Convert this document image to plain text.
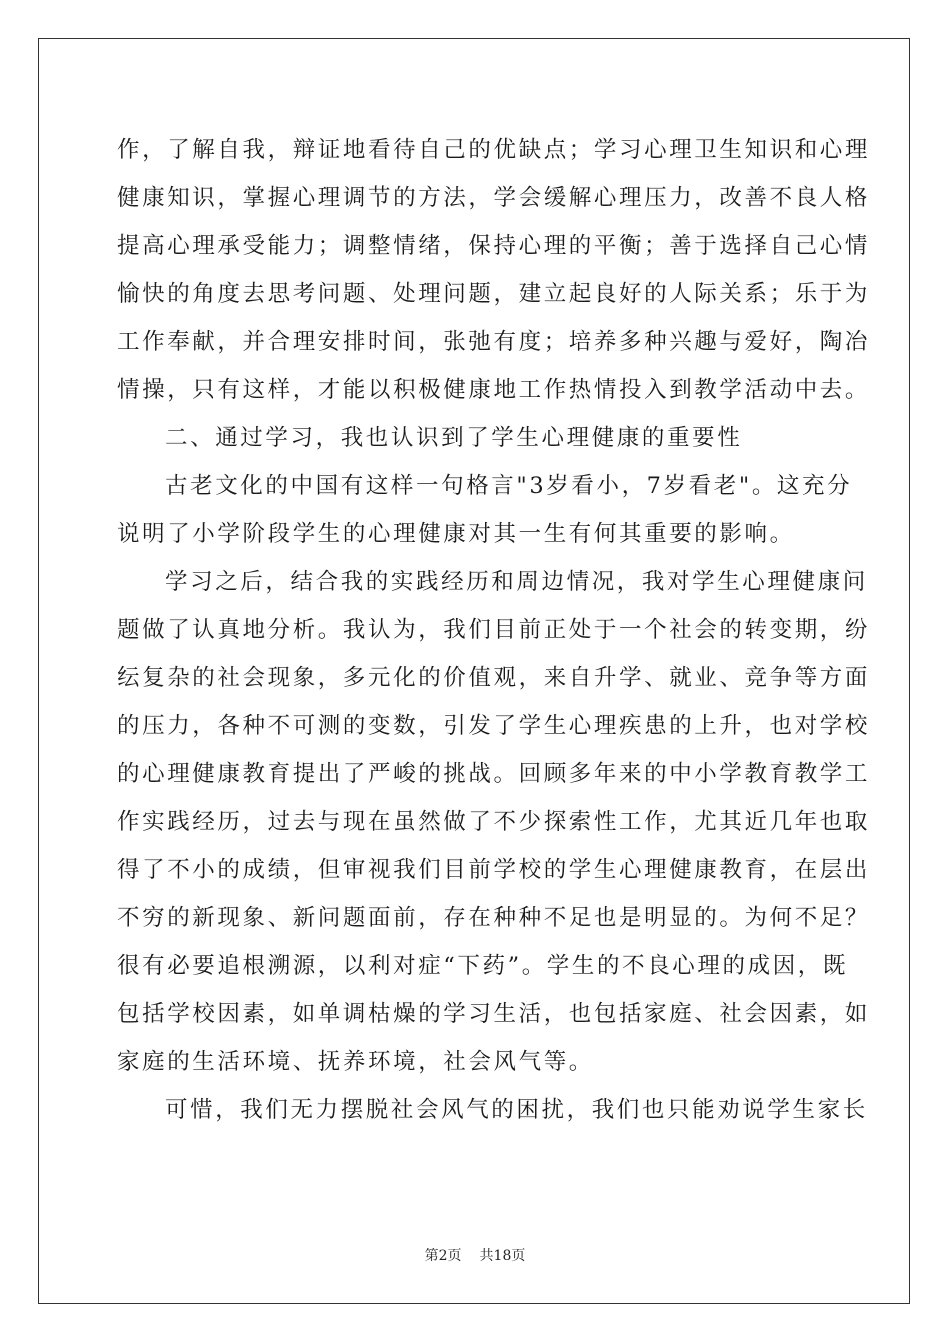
作，了解自我，辩证地看待自己的优缺点；学习心理卫生知识和心理
健康知识，掌握心理调节的方法，学会缓解心理压力，改善不良人格
提高心理承受能力；调整情绪，保持心理的平衡；善于选择自己心情
愉快的角度去思考问题、处理问题，建立起良好的人际关系；乐于为
工作奉献，并合理安排时间，张弛有度；培养多种兴趣与爱好，陶冶
情操，只有这样，才能以积极健康地工作热情投入到教学活动中去。
二、通过学习，我也认识到了学生心理健康的重要性
古老文化的中国有这样一句格言"3岁看小，7岁看老"。这充分
说明了小学阶段学生的心理健康对其一生有何其重要的影响。
学习之后，结合我的实践经历和周边情况，我对学生心理健康问
题做了认真地分析。我认为，我们目前正处于一个社会的转变期，纷
纭复杂的社会现象，多元化的价值观，来自升学、就业、竞争等方面
的压力，各种不可测的变数，引发了学生心理疾患的上升，也对学校
的心理健康教育提出了严峻的挑战。回顾多年来的中小学教育教学工
作实践经历，过去与现在虽然做了不少探索性工作，尤其近几年也取
得了不小的成绩，但审视我们目前学校的学生心理健康教育，在层出
不穷的新现象、新问题面前，存在种种不足也是明显的。为何不足？
很有必要追根溯源，以利对症“下药”。学生的不良心理的成因，既
包括学校因素，如单调枯燥的学习生活，也包括家庭、社会因素，如
家庭的生活环境、抚养环境，社会风气等。
可惜，我们无力摆脱社会风气的困扰，我们也只能劝说学生家长
第2页 共18页
